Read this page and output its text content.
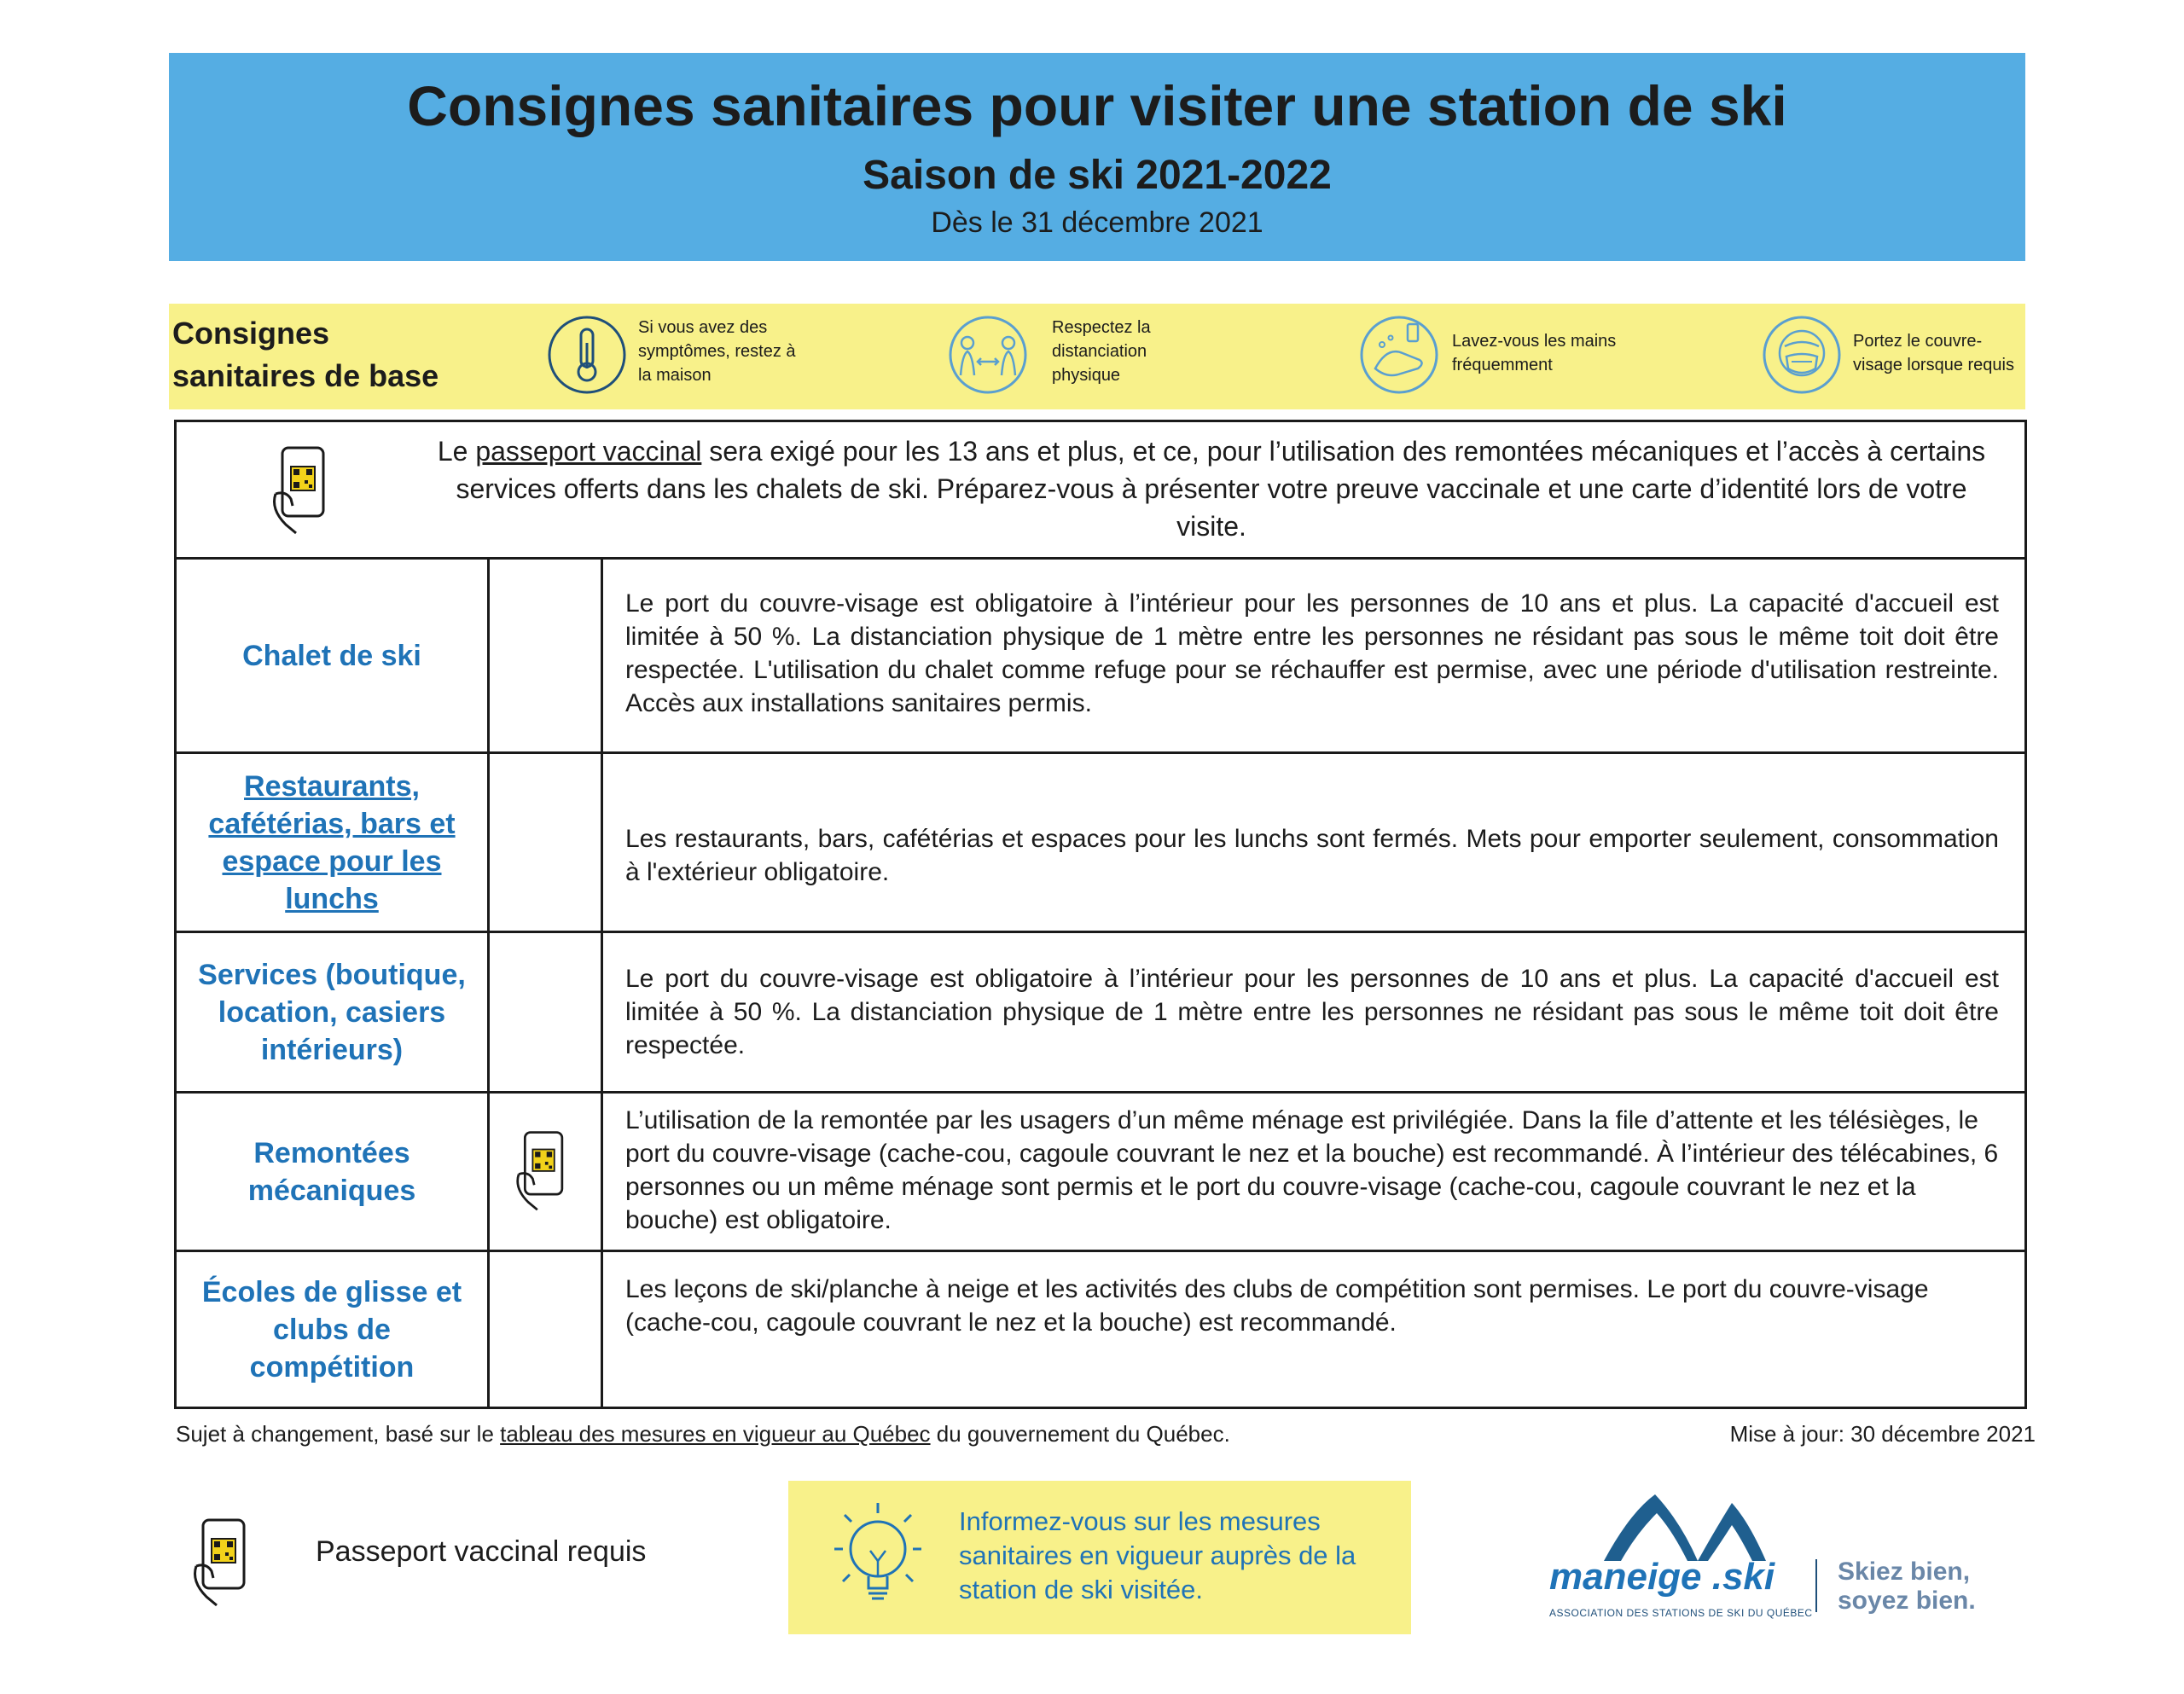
Consignes sanitaires pour visiter une station de ski
Saison de ski 2021-2022
Dès le 31 décembre 2021
Consignes
sanitaires de base
Si vous avez des
symptômes, restez à
la maison
Respectez la
distanciation
physique
Lavez-vous les mains
fréquemment
Portez le couvre-
visage lorsque requis
Le passeport vaccinal sera exigé pour les 13 ans et plus, et ce, pour l’utilisation des remontées mécaniques et l’accès à certains services offerts dans les chalets de ski. Préparez-vous à présenter votre preuve vaccinale et une carte d’identité lors de votre visite.
Chalet de ski
Le port du couvre-visage est obligatoire à l’intérieur pour les personnes de 10 ans et plus. La capacité d'accueil est limitée à 50 %. La distanciation physique de 1 mètre entre les personnes ne résidant pas sous le même toit doit être respectée. L'utilisation du chalet comme refuge pour se réchauffer est permise, avec une période d'utilisation restreinte. Accès aux installations sanitaires permis.
Restaurants, cafétérias, bars et espace pour les lunchs
Les restaurants, bars, cafétérias et espaces pour les lunchs sont fermés. Mets pour emporter seulement, consommation à l'extérieur obligatoire.
Services (boutique, location, casiers intérieurs)
Le port du couvre-visage est obligatoire à l’intérieur pour les personnes de 10 ans et plus. La capacité d'accueil est limitée à 50 %. La distanciation physique de 1 mètre entre les personnes ne résidant pas sous le même toit doit être respectée.
Remontées mécaniques
L’utilisation de la remontée par les usagers d’un même ménage est privilégiée. Dans la file d’attente et les télésièges, le port du couvre-visage (cache-cou, cagoule couvrant le nez et la bouche) est recommandé. À l’intérieur des télécabines, 6 personnes ou un même ménage sont permis et le port du couvre-visage (cache-cou, cagoule couvrant le nez et la bouche) est obligatoire.
Écoles de glisse et clubs de compétition
Les leçons de ski/planche à neige et les activités des clubs de compétition sont permises. Le port du couvre-visage (cache-cou, cagoule couvrant le nez et la bouche) est recommandé.
Sujet à changement, basé sur le tableau des mesures en vigueur au Québec du gouvernement du Québec.	Mise à jour: 30 décembre 2021
Passeport vaccinal requis
Informez-vous sur les mesures
sanitaires en vigueur auprès de la
station de ski visitée.	maneige .ski
ASSOCIATION DES STATIONS DE SKI DU QUÉBEC
Skiez bien,
soyez bien.
